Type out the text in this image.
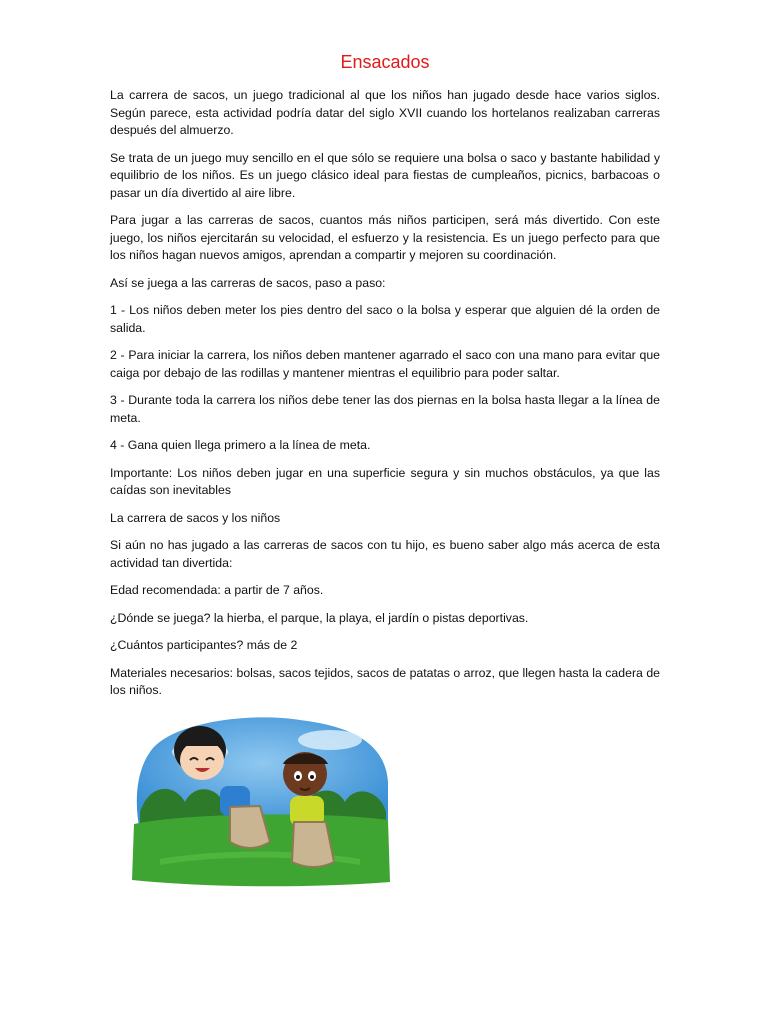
Ensacados

La carrera de sacos, un juego tradicional al que los niños han jugado desde hace varios siglos. Según parece, esta actividad podría datar del siglo XVII cuando los hortelanos realizaban carreras después del almuerzo.

Se trata de un juego muy sencillo en el que sólo se requiere una bolsa o saco y bastante habilidad y equilibrio de los niños. Es un juego clásico ideal para fiestas de cumpleaños, picnics, barbacoas o pasar un día divertido al aire libre.

Para jugar a las carreras de sacos, cuantos más niños participen, será más divertido. Con este juego, los niños ejercitarán su velocidad, el esfuerzo y la resistencia. Es un juego perfecto para que los niños hagan nuevos amigos, aprendan a compartir y mejoren su coordinación.

Así se juega a las carreras de sacos, paso a paso:

1 - Los niños deben meter los pies dentro del saco o la bolsa y esperar que alguien dé la orden de salida.

2 - Para iniciar la carrera, los niños deben mantener agarrado el saco con una mano para evitar que caiga por debajo de las rodillas y mantener mientras el equilibrio para poder saltar.

3 - Durante toda la carrera los niños debe tener las dos piernas en la bolsa hasta llegar a la línea de meta.

4 - Gana quien llega primero a la línea de meta.

Importante: Los niños deben jugar en una superficie segura y sin muchos obstáculos, ya que las caídas son inevitables

La carrera de sacos y los niños

Si aún no has jugado a las carreras de sacos con tu hijo, es bueno saber algo más acerca de esta actividad tan divertida:

Edad recomendada: a partir de 7 años.

¿Dónde se juega? la hierba, el parque, la playa, el jardín o pistas deportivas.

¿Cuántos participantes? más de 2

Materiales necesarios: bolsas, sacos tejidos, sacos de patatas o arroz, que llegen hasta la cadera de los niños.
